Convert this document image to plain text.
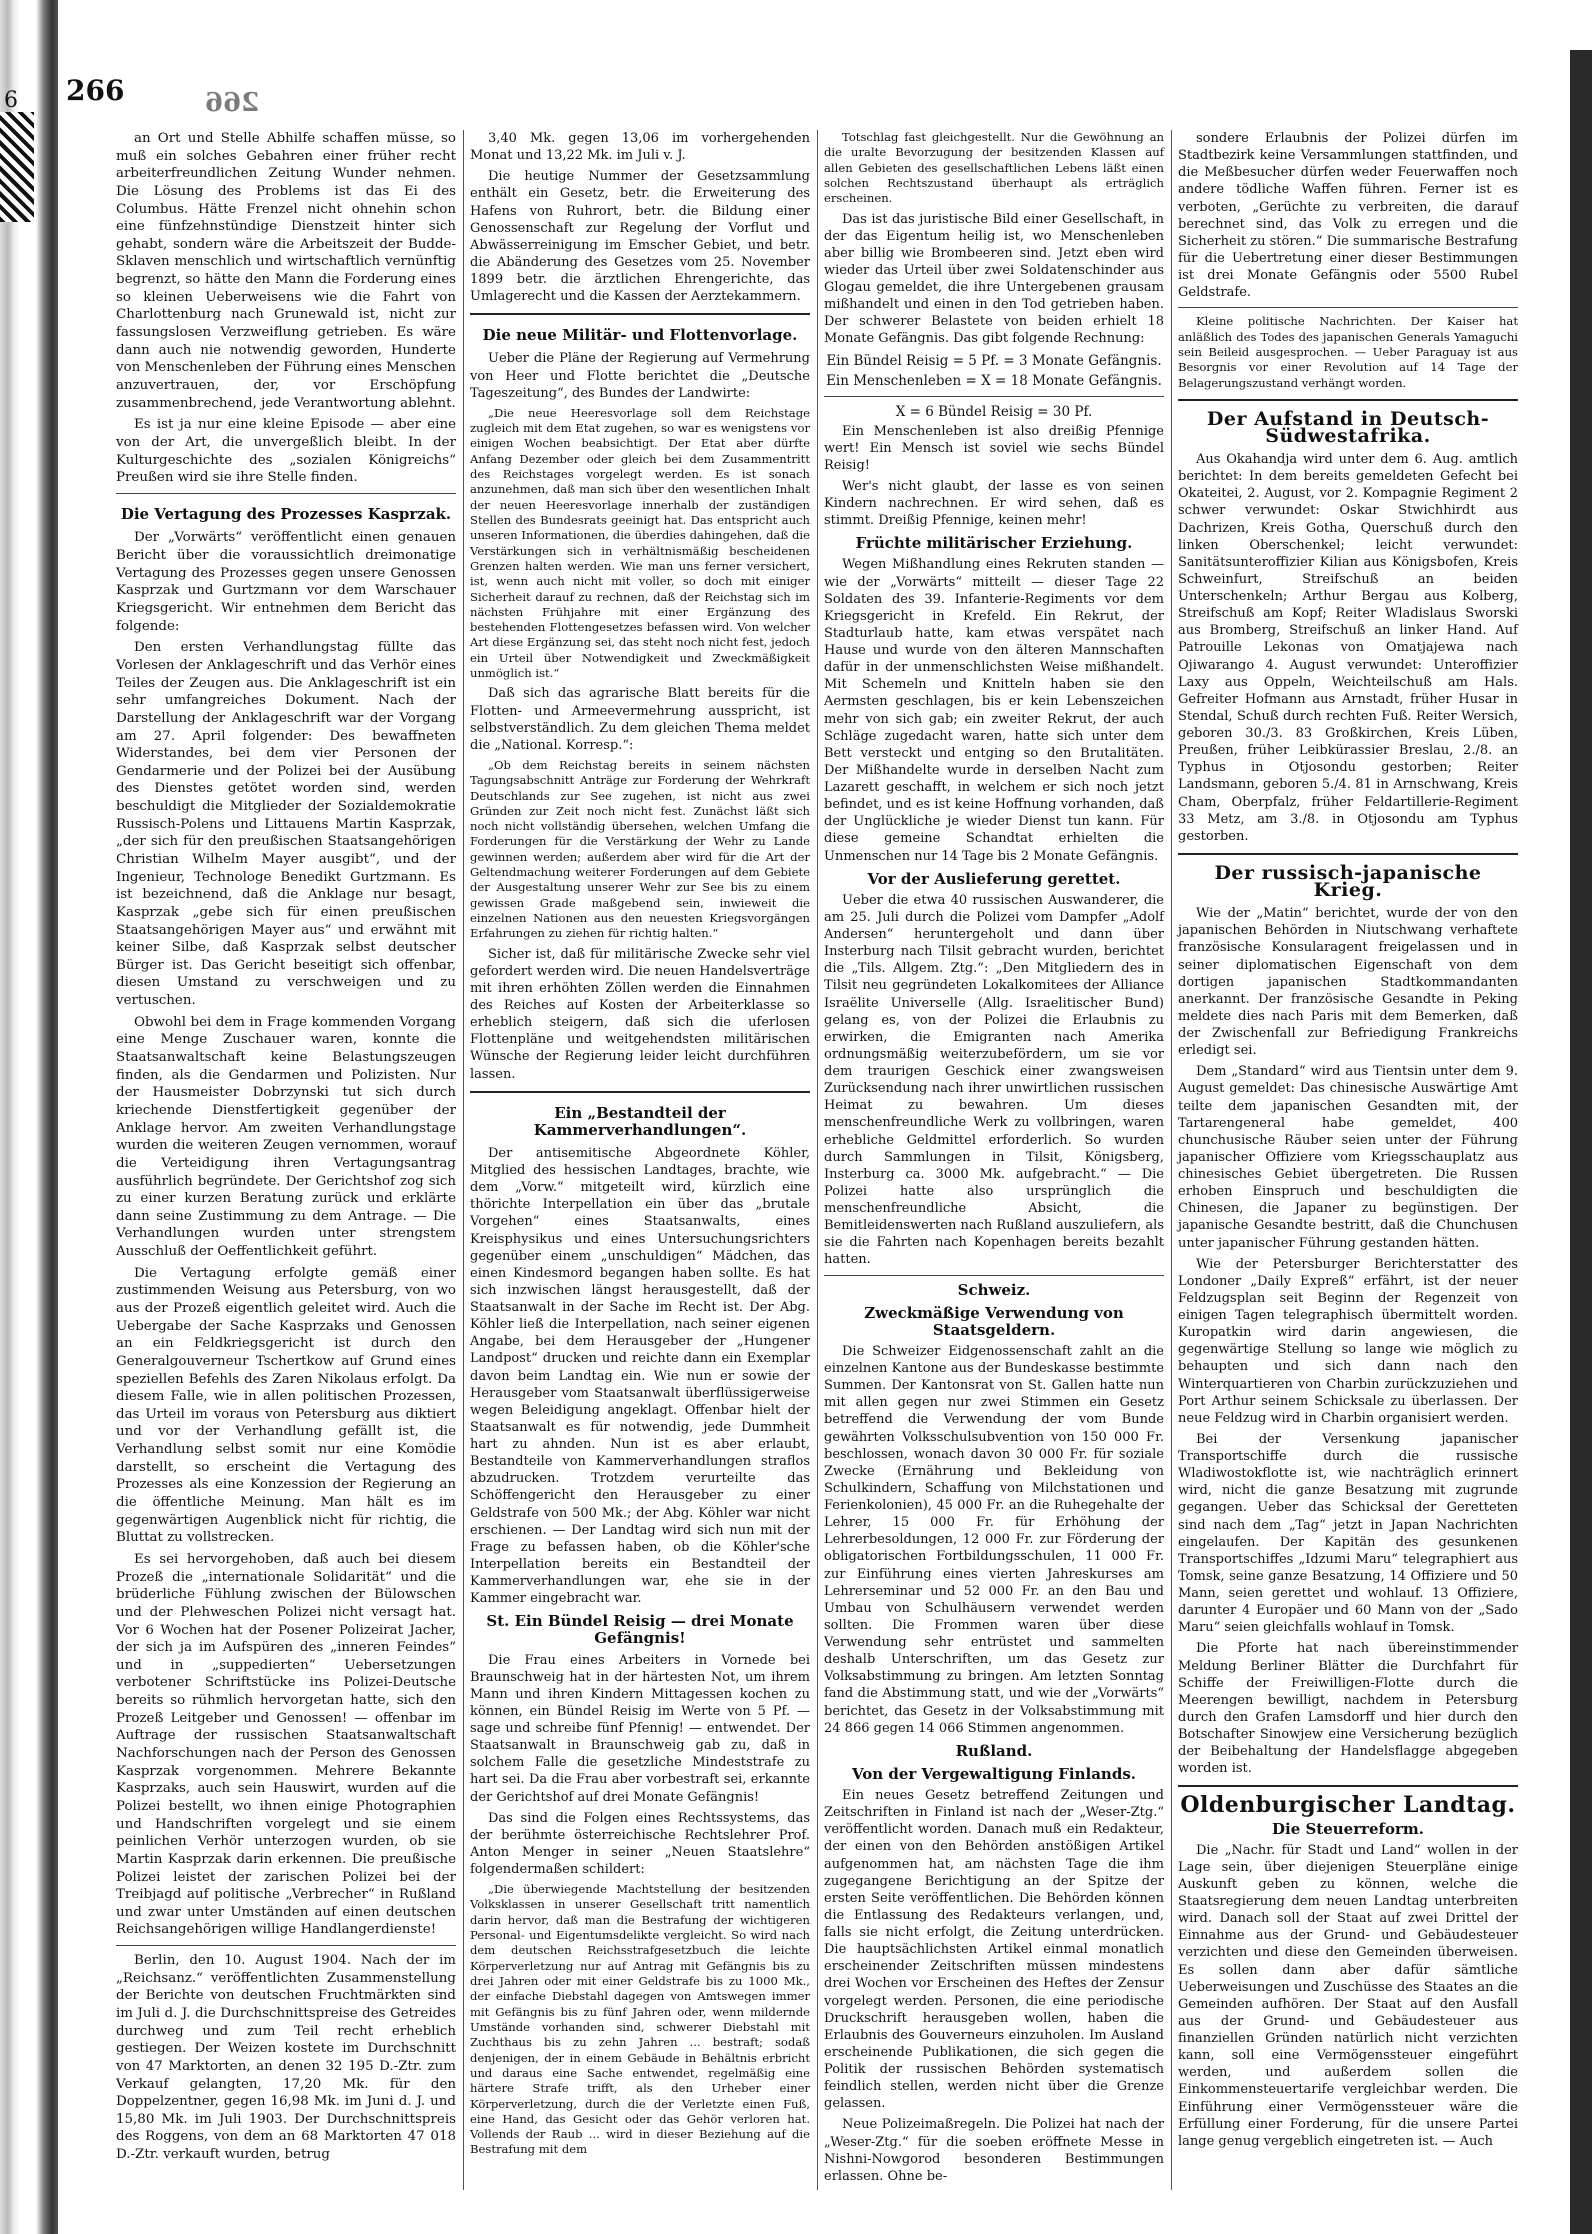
6 266	266

an Ort und Stelle Abhilfe schaffen müsse, so muß ein solches Gebahren einer früher recht arbeiterfreundlichen Zeitung Wunder nehmen. Die Lösung des Problems ist das Ei des Columbus. Hätte Frenzel nicht ohnehin schon eine fünfzehnstündige Dienstzeit hinter sich gehabt, sondern wäre die Arbeitszeit der Budde-Sklaven menschlich und wirtschaftlich vernünftig begrenzt, so hätte den Mann die Forderung eines so kleinen Ueberweisens wie die Fahrt von Charlottenburg nach Grunewald ist, nicht zur fassungslosen Verzweiflung getrieben. Es wäre dann auch nie notwendig geworden, Hunderte von Menschenleben der Führung eines Menschen anzuvertrauen, der, vor Erschöpfung zusammenbrechend, jede Verantwortung ablehnt.

Es ist ja nur eine kleine Episode — aber eine von der Art, die unvergeßlich bleibt. In der Kulturgeschichte des „sozialen Königreichs“ Preußen wird sie ihre Stelle finden.

Die Vertagung des Prozesses Kasprzak.

Der „Vorwärts“ veröffentlicht einen genauen Bericht über die voraussichtlich dreimonatige Vertagung des Prozesses gegen unsere Genossen Kasprzak und Gurtzmann vor dem Warschauer Kriegsgericht. Wir entnehmen dem Bericht das folgende:

Den ersten Verhandlungstag füllte das Vorlesen der Anklageschrift und das Verhör eines Teiles der Zeugen aus. Die Anklageschrift ist ein sehr umfangreiches Dokument. Nach der Darstellung der Anklageschrift war der Vorgang am 27. April folgender: Des bewaffneten Widerstandes, bei dem vier Personen der Gendarmerie und der Polizei bei der Ausübung des Dienstes getötet worden sind, werden beschuldigt die Mitglieder der Sozialdemokratie Russisch-Polens und Littauens Martin Kasprzak, „der sich für den preußischen Staatsangehörigen Christian Wilhelm Mayer ausgibt“, und der Ingenieur, Technologe Benedikt Gurtzmann. Es ist bezeichnend, daß die Anklage nur besagt, Kasprzak „gebe sich für einen preußischen Staatsangehörigen Mayer aus“ und erwähnt mit keiner Silbe, daß Kasprzak selbst deutscher Bürger ist. Das Gericht beseitigt sich offenbar, diesen Umstand zu verschweigen und zu vertuschen.

Obwohl bei dem in Frage kommenden Vorgang eine Menge Zuschauer waren, konnte die Staatsanwaltschaft keine Belastungszeugen finden, als die Gendarmen und Polizisten. Nur der Hausmeister Dobrzynski tut sich durch kriechende Dienstfertigkeit gegenüber der Anklage hervor. Am zweiten Verhandlungstage wurden die weiteren Zeugen vernommen, worauf die Verteidigung ihren Vertagungsantrag ausführlich begründete. Der Gerichtshof zog sich zu einer kurzen Beratung zurück und erklärte dann seine Zustimmung zu dem Antrage. — Die Verhandlungen wurden unter strengstem Ausschluß der Oeffentlichkeit geführt.

Die Vertagung erfolgte gemäß einer zustimmenden Weisung aus Petersburg, von wo aus der Prozeß eigentlich geleitet wird. Auch die Uebergabe der Sache Kasprzaks und Genossen an ein Feldkriegsgericht ist durch den Generalgouverneur Tschertkow auf Grund eines speziellen Befehls des Zaren Nikolaus erfolgt. Da diesem Falle, wie in allen politischen Prozessen, das Urteil im voraus von Petersburg aus diktiert und vor der Verhandlung gefällt ist, die Verhandlung selbst somit nur eine Komödie darstellt, so erscheint die Vertagung des Prozesses als eine Konzession der Regierung an die öffentliche Meinung. Man hält es im gegenwärtigen Augenblick nicht für richtig, die Bluttat zu vollstrecken.

Es sei hervorgehoben, daß auch bei diesem Prozeß die „internationale Solidarität“ und die brüderliche Fühlung zwischen der Bülowschen und der Plehweschen Polizei nicht versagt hat. Vor 6 Wochen hat der Posener Polizeirat Jacher, der sich ja im Aufspüren des „inneren Feindes“ und in „suppedierten“ Uebersetzungen verbotener Schriftstücke ins Polizei-Deutsche bereits so rühmlich hervorgetan hatte, sich den Prozeß Leitgeber und Genossen! — offenbar im Auftrage der russischen Staatsanwaltschaft Nachforschungen nach der Person des Genossen Kasprzak vorgenommen. Mehrere Bekannte Kasprzaks, auch sein Hauswirt, wurden auf die Polizei bestellt, wo ihnen einige Photographien und Handschriften vorgelegt und sie einem peinlichen Verhör unterzogen wurden, ob sie Martin Kasprzak darin erkennen. Die preußische Polizei leistet der zarischen Polizei bei der Treibjagd auf politische „Verbrecher“ in Rußland und zwar unter Umständen auf einen deutschen Reichsangehörigen willige Handlangerdienste!

Berlin, den 10. August 1904. Nach der im „Reichsanz.“ veröffentlichten Zusammenstellung der Berichte von deutschen Fruchtmärkten sind im Juli d. J. die Durchschnittspreise des Getreides durchweg und zum Teil recht erheblich gestiegen. Der Weizen kostete im Durchschnitt von 47 Marktorten, an denen 32 195 D.-Ztr. zum Verkauf gelangten, 17,20 Mk. für den Doppelzentner, gegen 16,98 Mk. im Juni d. J. und 15,80 Mk. im Juli 1903. Der Durchschnittspreis des Roggens, von dem an 68 Marktorten 47 018 D.-Ztr. verkauft wurden, betrug

3,40 Mk. gegen 13,06 im vorhergehenden Monat und 13,22 Mk. im Juli v. J.

Die heutige Nummer der Gesetzsammlung enthält ein Gesetz, betr. die Erweiterung des Hafens von Ruhrort, betr. die Bildung einer Genossenschaft zur Regelung der Vorflut und Abwässerreinigung im Emscher Gebiet, und betr. die Abänderung des Gesetzes vom 25. November 1899 betr. die ärztlichen Ehrengerichte, das Umlagerecht und die Kassen der Aerztekammern.

Die neue Militär- und Flottenvorlage.

Ueber die Pläne der Regierung auf Vermehrung von Heer und Flotte berichtet die „Deutsche Tageszeitung“, des Bundes der Landwirte:

„Die neue Heeresvorlage soll dem Reichstage zugleich mit dem Etat zugehen, so war es wenigstens vor einigen Wochen beabsichtigt. Der Etat aber dürfte Anfang Dezember oder gleich bei dem Zusammentritt des Reichstages vorgelegt werden. Es ist sonach anzunehmen, daß man sich über den wesentlichen Inhalt der neuen Heeresvorlage innerhalb der zuständigen Stellen des Bundesrats geeinigt hat. Das entspricht auch unseren Informationen, die überdies dahingehen, daß die Verstärkungen sich in verhältnismäßig bescheidenen Grenzen halten werden. Wie man uns ferner versichert, ist, wenn auch nicht mit voller, so doch mit einiger Sicherheit darauf zu rechnen, daß der Reichstag sich im nächsten Frühjahre mit einer Ergänzung des bestehenden Flottengesetzes befassen wird. Von welcher Art diese Ergänzung sei, das steht noch nicht fest, jedoch ein Urteil über Notwendigkeit und Zweckmäßigkeit unmöglich ist.“

Daß sich das agrarische Blatt bereits für die Flotten- und Armeevermehrung ausspricht, ist selbstverständlich. Zu dem gleichen Thema meldet die „National. Korresp.“:

„Ob dem Reichstag bereits in seinem nächsten Tagungsabschnitt Anträge zur Forderung der Wehrkraft Deutschlands zur See zugehen, ist nicht aus zwei Gründen zur Zeit noch nicht fest. Zunächst läßt sich noch nicht vollständig übersehen, welchen Umfang die Forderungen für die Verstärkung der Wehr zu Lande gewinnen werden; außerdem aber wird für die Art der Geltendmachung weiterer Forderungen auf dem Gebiete der Ausgestaltung unserer Wehr zur See bis zu einem gewissen Grade maßgebend sein, inwieweit die einzelnen Nationen aus den neuesten Kriegsvorgängen Erfahrungen zu ziehen für richtig halten.“

Sicher ist, daß für militärische Zwecke sehr viel gefordert werden wird. Die neuen Handelsverträge mit ihren erhöhten Zöllen werden die Einnahmen des Reiches auf Kosten der Arbeiterklasse so erheblich steigern, daß sich die uferlosen Flottenpläne und weitgehendsten militärischen Wünsche der Regierung leider leicht durchführen lassen.

Ein „Bestandteil der Kammerverhandlungen“.

Der antisemitische Abgeordnete Köhler, Mitglied des hessischen Landtages, brachte, wie dem „Vorw.“ mitgeteilt wird, kürzlich eine thörichte Interpellation ein über das „brutale Vorgehen“ eines Staatsanwalts, eines Kreisphysikus und eines Untersuchungsrichters gegenüber einem „unschuldigen“ Mädchen, das einen Kindesmord begangen haben sollte. Es hat sich inzwischen längst herausgestellt, daß der Staatsanwalt in der Sache im Recht ist. Der Abg. Köhler ließ die Interpellation, nach seiner eigenen Angabe, bei dem Herausgeber der „Hungener Landpost“ drucken und reichte dann ein Exemplar davon beim Landtag ein. Wie nun er sowie der Herausgeber vom Staatsanwalt überflüssigerweise wegen Beleidigung angeklagt. Offenbar hielt der Staatsanwalt es für notwendig, jede Dummheit hart zu ahnden. Nun ist es aber erlaubt, Bestandteile von Kammerverhandlungen straflos abzudrucken. Trotzdem verurteilte das Schöffengericht den Herausgeber zu einer Geldstrafe von 500 Mk.; der Abg. Köhler war nicht erschienen. — Der Landtag wird sich nun mit der Frage zu befassen haben, ob die Köhler'sche Interpellation bereits ein Bestandteil der Kammerverhandlungen war, ehe sie in der Kammer eingebracht war.

St. Ein Bündel Reisig — drei Monate Gefängnis!

Die Frau eines Arbeiters in Vornede bei Braunschweig hat in der härtesten Not, um ihrem Mann und ihren Kindern Mittagessen kochen zu können, ein Bündel Reisig im Werte von 5 Pf. — sage und schreibe fünf Pfennig! — entwendet. Der Staatsanwalt in Braunschweig gab zu, daß in solchem Falle die gesetzliche Mindeststrafe zu hart sei. Da die Frau aber vorbestraft sei, erkannte der Gerichtshof auf drei Monate Gefängnis!

Das sind die Folgen eines Rechtssystems, das der berühmte österreichische Rechtslehrer Prof. Anton Menger in seiner „Neuen Staatslehre“ folgendermaßen schildert:

„Die überwiegende Machtstellung der besitzenden Volksklassen in unserer Gesellschaft tritt namentlich darin hervor, daß man die Bestrafung der wichtigeren Personal- und Eigentumsdelikte vergleicht. So wird nach dem deutschen Reichsstrafgesetzbuch die leichte Körperverletzung nur auf Antrag mit Gefängnis bis zu drei Jahren oder mit einer Geldstrafe bis zu 1000 Mk., der einfache Diebstahl dagegen von Amtswegen immer mit Gefängnis bis zu fünf Jahren oder, wenn mildernde Umstände vorhanden sind, schwerer Diebstahl mit Zuchthaus bis zu zehn Jahren ... bestraft; sodaß denjenigen, der in einem Gebäude in Behältnis erbricht und daraus eine Sache entwendet, regelmäßig eine härtere Strafe trifft, als den Urheber einer Körperverletzung, durch die der Verletzte einen Fuß, eine Hand, das Gesicht oder das Gehör verloren hat. Vollends der Raub ... wird in dieser Beziehung auf die Bestrafung mit dem

Totschlag fast gleichgestellt. Nur die Gewöhnung an die uralte Bevorzugung der besitzenden Klassen auf allen Gebieten des gesellschaftlichen Lebens läßt einen solchen Rechtszustand überhaupt als erträglich erscheinen.

Das ist das juristische Bild einer Gesellschaft, in der das Eigentum heilig ist, wo Menschenleben aber billig wie Brombeeren sind. Jetzt eben wird wieder das Urteil über zwei Soldatenschinder aus Glogau gemeldet, die ihre Untergebenen grausam mißhandelt und einen in den Tod getrieben haben. Der schwerer Belastete von beiden erhielt 18 Monate Gefängnis. Das gibt folgende Rechnung:

Ein Bündel Reisig = 5 Pf. = 3 Monate Gefängnis.
Ein Menschenleben = X = 18 Monate Gefängnis.
X = 6 Bündel Reisig = 30 Pf.

Ein Menschenleben ist also dreißig Pfennige wert! Ein Mensch ist soviel wie sechs Bündel Reisig!

Wer's nicht glaubt, der lasse es von seinen Kindern nachrechnen. Er wird sehen, daß es stimmt. Dreißig Pfennige, keinen mehr!

Früchte militärischer Erziehung.

Wegen Mißhandlung eines Rekruten standen — wie der „Vorwärts“ mitteilt — dieser Tage 22 Soldaten des 39. Infanterie-Regiments vor dem Kriegsgericht in Krefeld. Ein Rekrut, der Stadturlaub hatte, kam etwas verspätet nach Hause und wurde von den älteren Mannschaften dafür in der unmenschlichsten Weise mißhandelt. Mit Schemeln und Knitteln haben sie den Aermsten geschlagen, bis er kein Lebenszeichen mehr von sich gab; ein zweiter Rekrut, der auch Schläge zugedacht waren, hatte sich unter dem Bett versteckt und entging so den Brutalitäten. Der Mißhandelte wurde in derselben Nacht zum Lazarett geschafft, in welchem er sich noch jetzt befindet, und es ist keine Hoffnung vorhanden, daß der Unglückliche je wieder Dienst tun kann. Für diese gemeine Schandtat erhielten die Unmenschen nur 14 Tage bis 2 Monate Gefängnis.

Vor der Auslieferung gerettet.

Ueber die etwa 40 russischen Auswanderer, die am 25. Juli durch die Polizei vom Dampfer „Adolf Andersen“ heruntergeholt und dann über Insterburg nach Tilsit gebracht wurden, berichtet die „Tils. Allgem. Ztg.“: „Den Mitgliedern des in Tilsit neu gegründeten Lokalkomitees der Alliance Israëlite Universelle (Allg. Israelitischer Bund) gelang es, von der Polizei die Erlaubnis zu erwirken, die Emigranten nach Amerika ordnungsmäßig weiterzubefördern, um sie vor dem traurigen Geschick einer zwangsweisen Zurücksendung nach ihrer unwirtlichen russischen Heimat zu bewahren. Um dieses menschenfreundliche Werk zu vollbringen, waren erhebliche Geldmittel erforderlich. So wurden durch Sammlungen in Tilsit, Königsberg, Insterburg ca. 3000 Mk. aufgebracht.“ — Die Polizei hatte also ursprünglich die menschenfreundliche Absicht, die Bemitleidenswerten nach Rußland auszuliefern, als sie die Fahrten nach Kopenhagen bereits bezahlt hatten.

Schweiz.
Zweckmäßige Verwendung von Staatsgeldern.

Die Schweizer Eidgenossenschaft zahlt an die einzelnen Kantone aus der Bundeskasse bestimmte Summen. Der Kantonsrat von St. Gallen hatte nun mit allen gegen nur zwei Stimmen ein Gesetz betreffend die Verwendung der vom Bunde gewährten Volksschulsubvention von 150 000 Fr. beschlossen, wonach davon 30 000 Fr. für soziale Zwecke (Ernährung und Bekleidung von Schulkindern, Schaffung von Milchstationen und Ferienkolonien), 45 000 Fr. an die Ruhegehalte der Lehrer, 15 000 Fr. für Erhöhung der Lehrerbesoldungen, 12 000 Fr. zur Förderung der obligatorischen Fortbildungsschulen, 11 000 Fr. zur Einführung eines vierten Jahreskurses am Lehrerseminar und 52 000 Fr. an den Bau und Umbau von Schulhäusern verwendet werden sollten. Die Frommen waren über diese Verwendung sehr entrüstet und sammelten deshalb Unterschriften, um das Gesetz zur Volksabstimmung zu bringen. Am letzten Sonntag fand die Abstimmung statt, und wie der „Vorwärts“ berichtet, das Gesetz in der Volksabstimmung mit 24 866 gegen 14 066 Stimmen angenommen.

Rußland.
Von der Vergewaltigung Finlands.

Ein neues Gesetz betreffend Zeitungen und Zeitschriften in Finland ist nach der „Weser-Ztg.“ veröffentlicht worden. Danach muß ein Redakteur, der einen von den Behörden anstößigen Artikel aufgenommen hat, am nächsten Tage die ihm zugegangene Berichtigung an der Spitze der ersten Seite veröffentlichen. Die Behörden können die Entlassung des Redakteurs verlangen, und, falls sie nicht erfolgt, die Zeitung unterdrücken. Die hauptsächlichsten Artikel einmal monatlich erscheinender Zeitschriften müssen mindestens drei Wochen vor Erscheinen des Heftes der Zensur vorgelegt werden. Personen, die eine periodische Druckschrift herausgeben wollen, haben die Erlaubnis des Gouverneurs einzuholen. Im Ausland erscheinende Publikationen, die sich gegen die Politik der russischen Behörden systematisch feindlich stellen, werden nicht über die Grenze gelassen.

Neue Polizeimaßregeln. Die Polizei hat nach der „Weser-Ztg.“ für die soeben eröffnete Messe in Nishni-Nowgorod besonderen Bestimmungen erlassen. Ohne be-

sondere Erlaubnis der Polizei dürfen im Stadtbezirk keine Versammlungen stattfinden, und die Meßbesucher dürfen weder Feuerwaffen noch andere tödliche Waffen führen. Ferner ist es verboten, „Gerüchte zu verbreiten, die darauf berechnet sind, das Volk zu erregen und die Sicherheit zu stören.“ Die summarische Bestrafung für die Uebertretung einer dieser Bestimmungen ist drei Monate Gefängnis oder 5500 Rubel Geldstrafe.

Kleine politische Nachrichten. Der Kaiser hat anläßlich des Todes des japanischen Generals Yamaguchi sein Beileid ausgesprochen. — Ueber Paraguay ist aus Besorgnis vor einer Revolution auf 14 Tage der Belagerungszustand verhängt worden.

Der Aufstand in Deutsch-Südwestafrika.

Aus Okahandja wird unter dem 6. Aug. amtlich berichtet: In dem bereits gemeldeten Gefecht bei Okateitei, 2. August, vor 2. Kompagnie Regiment 2 schwer verwundet: Oskar Stwichhirdt aus Dachrizen, Kreis Gotha, Querschuß durch den linken Oberschenkel; leicht verwundet: Sanitätsunteroffizier Kilian aus Königsbofen, Kreis Schweinfurt, Streifschuß an beiden Unterschenkeln; Arthur Bergau aus Kolberg, Streifschuß am Kopf; Reiter Wladislaus Sworski aus Bromberg, Streifschuß an linker Hand. Auf Patrouille Lekonas von Omatjajewa nach Ojiwarango 4. August verwundet: Unteroffizier Laxy aus Oppeln, Weichteilschuß am Hals. Gefreiter Hofmann aus Arnstadt, früher Husar in Stendal, Schuß durch rechten Fuß. Reiter Wersich, geboren 30./3. 83 Großkirchen, Kreis Lüben, Preußen, früher Leibkürassier Breslau, 2./8. an Typhus in Otjosondu gestorben; Reiter Landsmann, geboren 5./4. 81 in Arnschwang, Kreis Cham, Oberpfalz, früher Feldartillerie-Regiment 33 Metz, am 3./8. in Otjosondu am Typhus gestorben.

Der russisch-japanische Krieg.

Wie der „Matin“ berichtet, wurde der von den japanischen Behörden in Niutschwang verhaftete französische Konsularagent freigelassen und in seiner diplomatischen Eigenschaft von dem dortigen japanischen Stadtkommandanten anerkannt. Der französische Gesandte in Peking meldete dies nach Paris mit dem Bemerken, daß der Zwischenfall zur Befriedigung Frankreichs erledigt sei.

Dem „Standard“ wird aus Tientsin unter dem 9. August gemeldet: Das chinesische Auswärtige Amt teilte dem japanischen Gesandten mit, der Tartarengeneral habe gemeldet, 400 chunchusische Räuber seien unter der Führung japanischer Offiziere vom Kriegsschauplatz aus chinesisches Gebiet übergetreten. Die Russen erhoben Einspruch und beschuldigten die Chinesen, die Japaner zu begünstigen. Der japanische Gesandte bestritt, daß die Chunchusen unter japanischer Führung gestanden hätten.

Wie der Petersburger Berichterstatter des Londoner „Daily Expreß“ erfährt, ist der neuer Feldzugsplan seit Beginn der Regenzeit von einigen Tagen telegraphisch übermittelt worden. Kuropatkin wird darin angewiesen, die gegenwärtige Stellung so lange wie möglich zu behaupten und sich dann nach den Winterquartieren von Charbin zurückzuziehen und Port Arthur seinem Schicksale zu überlassen. Der neue Feldzug wird in Charbin organisiert werden.

Bei der Versenkung japanischer Transportschiffe durch die russische Wladiwostokflotte ist, wie nachträglich erinnert wird, nicht die ganze Besatzung mit zugrunde gegangen. Ueber das Schicksal der Geretteten sind nach dem „Tag“ jetzt in Japan Nachrichten eingelaufen. Der Kapitän des gesunkenen Transportschiffes „Idzumi Maru“ telegraphiert aus Tomsk, seine ganze Besatzung, 14 Offiziere und 50 Mann, seien gerettet und wohlauf. 13 Offiziere, darunter 4 Europäer und 60 Mann von der „Sado Maru“ seien gleichfalls wohlauf in Tomsk.

Die Pforte hat nach übereinstimmender Meldung Berliner Blätter die Durchfahrt für Schiffe der Freiwilligen-Flotte durch die Meerengen bewilligt, nachdem in Petersburg durch den Grafen Lamsdorff und hier durch den Botschafter Sinowjew eine Versicherung bezüglich der Beibehaltung der Handelsflagge abgegeben worden ist.

Oldenburgischer Landtag.
Die Steuerreform.

Die „Nachr. für Stadt und Land“ wollen in der Lage sein, über diejenigen Steuerpläne einige Auskunft geben zu können, welche die Staatsregierung dem neuen Landtag unterbreiten wird. Danach soll der Staat auf zwei Drittel der Einnahme aus der Grund- und Gebäudesteuer verzichten und diese den Gemeinden überweisen. Es sollen dann aber dafür sämtliche Ueberweisungen und Zuschüsse des Staates an die Gemeinden aufhören. Der Staat auf den Ausfall aus der Grund- und Gebäudesteuer aus finanziellen Gründen natürlich nicht verzichten kann, soll eine Vermögenssteuer eingeführt werden, und außerdem sollen die Einkommensteuertarife vergleichbar werden. Die Einführung einer Vermögenssteuer wäre die Erfüllung einer Forderung, für die unsere Partei lange genug vergeblich eingetreten ist. — Auch
